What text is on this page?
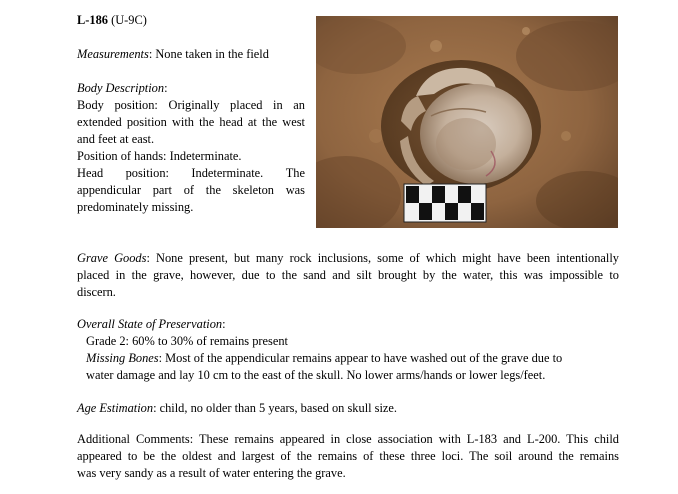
L-186 (U-9C)

Measurements: None taken in the field

Body Description:

Body position: Originally placed in an

extended position with the head at the west

and feet at east.

Position of hands: Indeterminate.

Head position: Indeterminate. The

appendicular part of the skeleton was

predominately missing.

Grave Goods: None present, but many rock inclusions, some of which might have been intentionally

placed in the grave, however, due to the sand and silt brought by the water, this was impossible to

discern.

Overall State of Preservation:

Grade 2: 60% to 30% of remains present

Missing Bones: Most of the appendicular remains appear to have washed out of the grave due to

water damage and lay 10 cm to the east of the skull. No lower arms/hands or lower legs/feet.

Age Estimation: child, no older than 5 years, based on skull size.

Additional Comments: These remains appeared in close association with L-183 and L-200. This child

appeared to be the oldest and largest of the remains of these three loci. The soil around the remains

was very sandy as a result of water entering the grave.
